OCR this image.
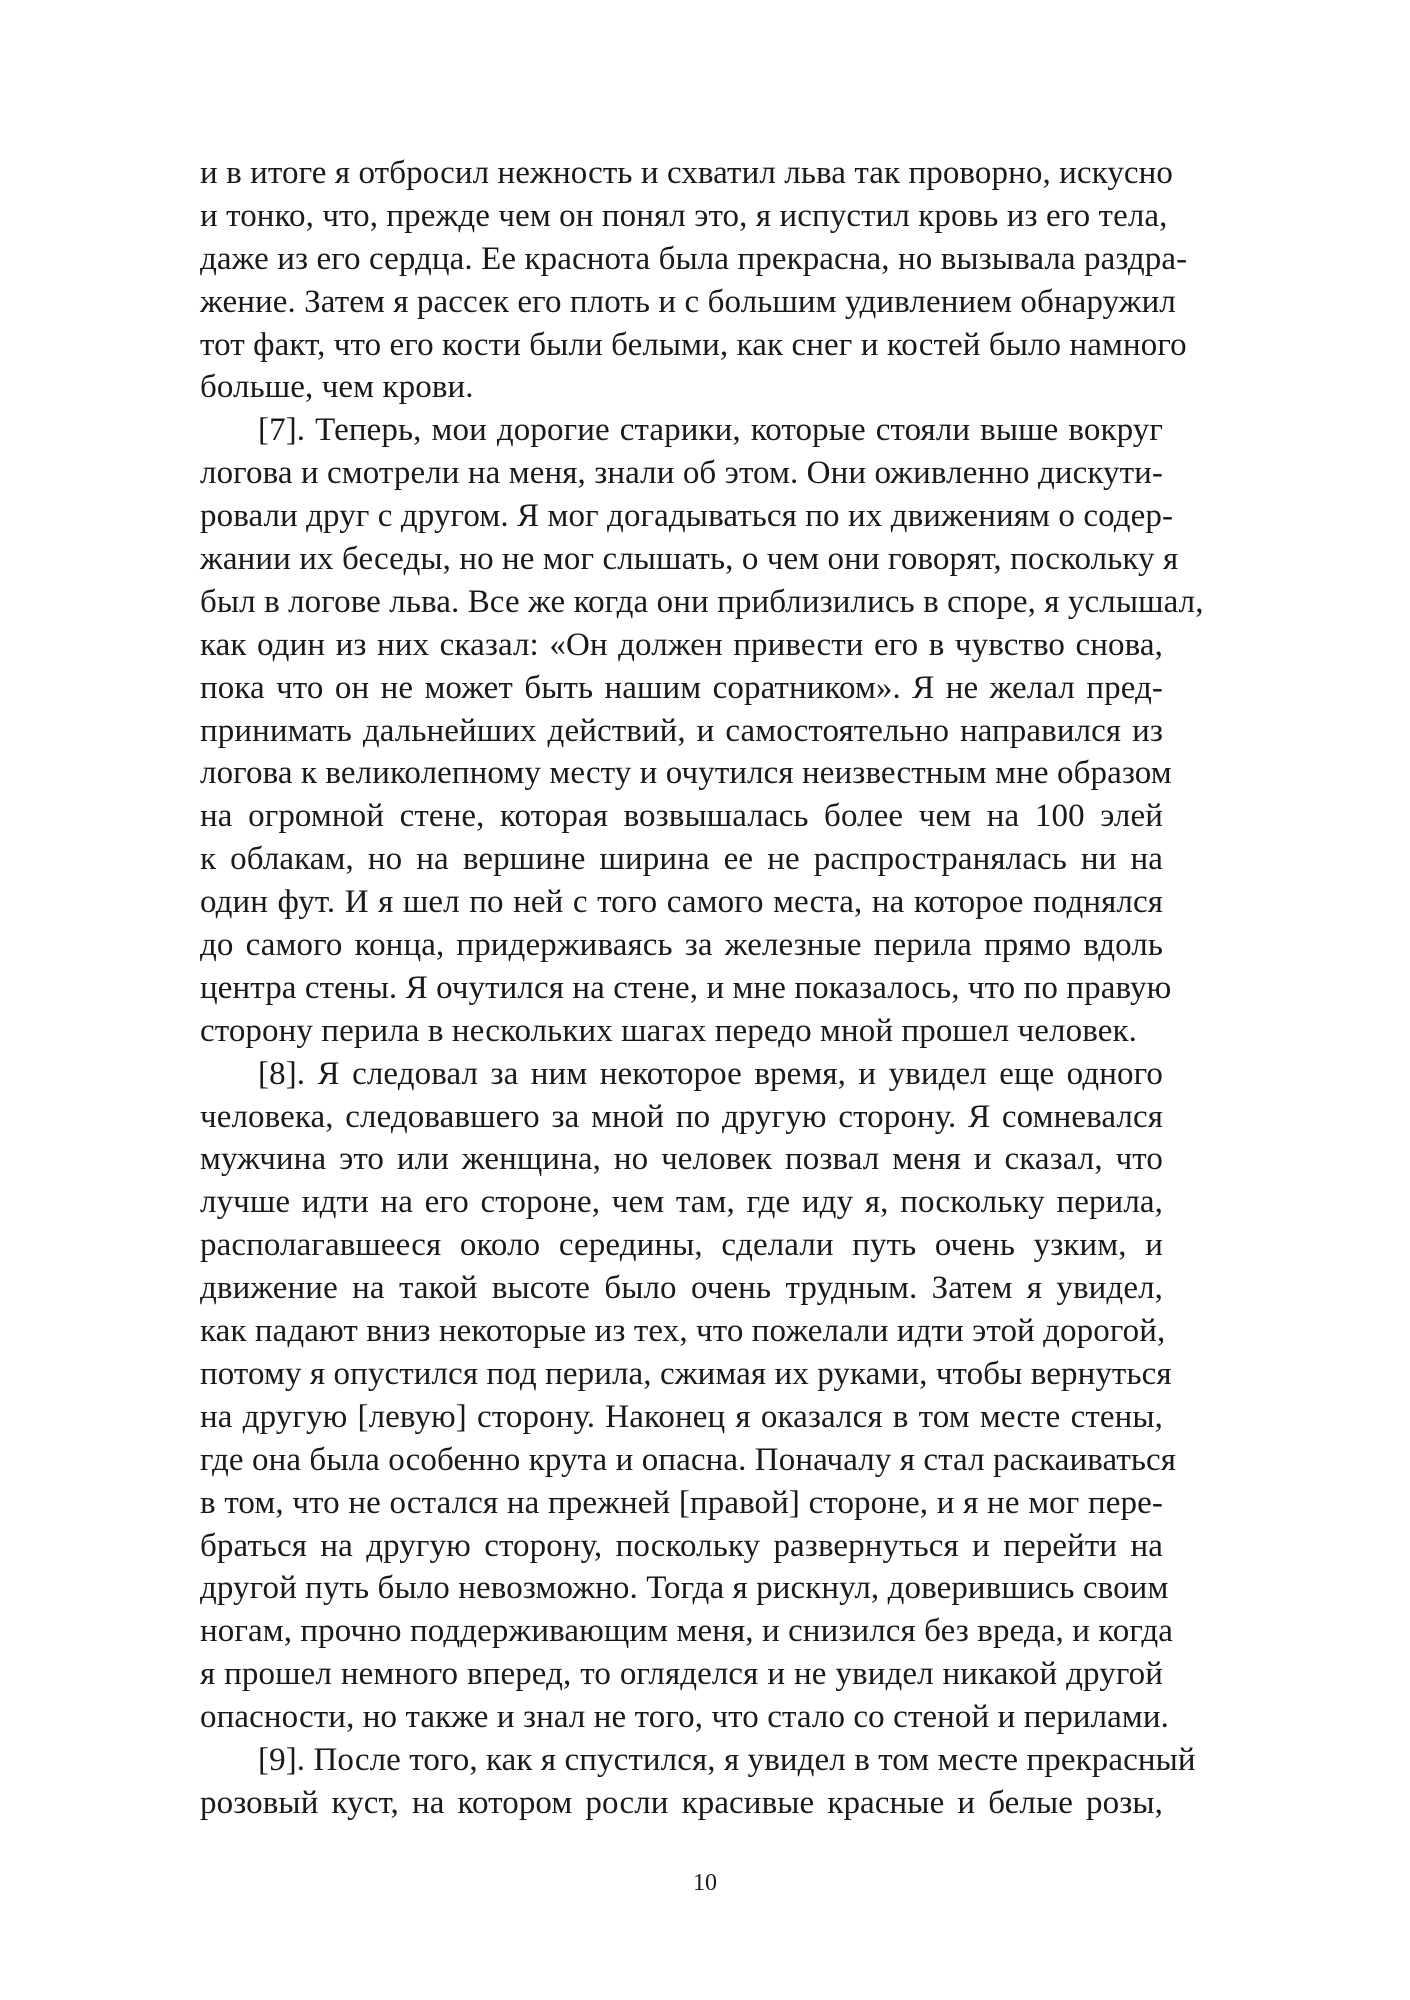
и в итоге я отбросил нежность и схватил льва так проворно, искусно
и тонко, что, прежде чем он понял это, я испустил кровь из его тела,
даже из его сердца. Ее краснота была прекрасна, но вызывала раздра-
жение. Затем я рассек его плоть и с большим удивлением обнаружил
тот факт, что его кости были белыми, как снег и костей было намного
больше, чем крови.
[7]. Теперь, мои дорогие старики, которые стояли выше вокруг
логова и смотрели на меня, знали об этом. Они оживленно дискути-
ровали друг с другом. Я мог догадываться по их движениям о содер-
жании их беседы, но не мог слышать, о чем они говорят, поскольку я
был в логове льва. Все же когда они приблизились в споре, я услышал,
как один из них сказал: «Он должен привести его в чувство снова,
пока что он не может быть нашим соратником». Я не желал пред-
принимать дальнейших действий, и самостоятельно направился из
логова к великолепному месту и очутился неизвестным мне образом
на огромной стене, которая возвышалась более чем на 100 элей
к облакам, но на вершине ширина ее не распространялась ни на
один фут. И я шел по ней с того самого места, на которое поднялся
до самого конца, придерживаясь за железные перила прямо вдоль
центра стены. Я очутился на стене, и мне показалось, что по правую
сторону перила в нескольких шагах передо мной прошел человек.
[8]. Я следовал за ним некоторое время, и увидел еще одного
человека, следовавшего за мной по другую сторону. Я сомневался
мужчина это или женщина, но человек позвал меня и сказал, что
лучше идти на его стороне, чем там, где иду я, поскольку перила,
располагавшееся около середины, сделали путь очень узким, и
движение на такой высоте было очень трудным. Затем я увидел,
как падают вниз некоторые из тех, что пожелали идти этой дорогой,
потому я опустился под перила, сжимая их руками, чтобы вернуться
на другую [левую] сторону. Наконец я оказался в том месте стены,
где она была особенно крута и опасна. Поначалу я стал раскаиваться
в том, что не остался на прежней [правой] стороне, и я не мог пере-
браться на другую сторону, поскольку развернуться и перейти на
другой путь было невозможно. Тогда я рискнул, доверившись своим
ногам, прочно поддерживающим меня, и снизился без вреда, и когда
я прошел немного вперед, то огляделся и не увидел никакой другой
опасности, но также и знал не того, что стало со стеной и перилами.
[9]. После того, как я спустился, я увидел в том месте прекрасный
розовый куст, на котором росли красивые красные и белые розы,
10
